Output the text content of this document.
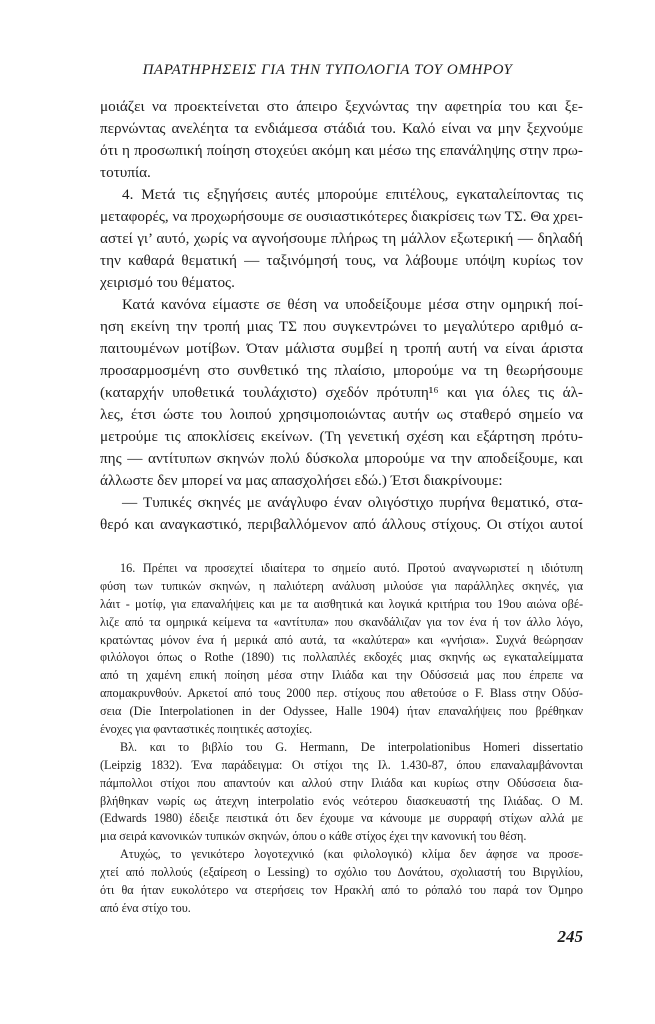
ΠΑΡΑΤΗΡΗΣΕΙΣ ΓΙΑ ΤΗΝ ΤΥΠΟΛΟΓΙΑ ΤΟΥ ΟΜΗΡΟΥ
μοιάζει να προεκτείνεται στο άπειρο ξεχνώντας την αφετηρία του και ξε-
περνώντας ανελέητα τα ενδιάμεσα στάδιά του. Καλό είναι να μην ξεχνούμε
ότι η προσωπική ποίηση στοχεύει ακόμη και μέσω της επανάληψης στην πρω-
τοτυπία.
4. Μετά τις εξηγήσεις αυτές μπορούμε επιτέλους, εγκαταλείποντας τις
μεταφορές, να προχωρήσουμε σε ουσιαστικότερες διακρίσεις των ΤΣ. Θα χρει-
αστεί γι’ αυτό, χωρίς να αγνοήσουμε πλήρως τη μάλλον εξωτερική — δηλαδή
την καθαρά θεματική — ταξινόμησή τους, να λάβουμε υπόψη κυρίως τον
χειρισμό του θέματος.
Κατά κανόνα είμαστε σε θέση να υποδείξουμε μέσα στην ομηρική ποί-
ηση εκείνη την τροπή μιας ΤΣ που συγκεντρώνει το μεγαλύτερο αριθμό α-
παιτουμένων μοτίβων. Όταν μάλιστα συμβεί η τροπή αυτή να είναι άριστα
προσαρμοσμένη στο συνθετικό της πλαίσιο, μπορούμε να τη θεωρήσουμε
(καταρχήν υποθετικά τουλάχιστο) σχεδόν πρότυπη¹⁶ και για όλες τις άλ-
λες, έτσι ώστε του λοιπού χρησιμοποιώντας αυτήν ως σταθερό σημείο να
μετρούμε τις αποκλίσεις εκείνων. (Τη γενετική σχέση και εξάρτηση πρότυ-
πης — αντίτυπων σκηνών πολύ δύσκολα μπορούμε να την αποδείξουμε, και
άλλωστε δεν μπορεί να μας απασχολήσει εδώ.) Έτσι διακρίνουμε:
— Τυπικές σκηνές με ανάγλυφο έναν ολιγόστιχο πυρήνα θεματικό, στα-
θερό και αναγκαστικό, περιβαλλόμενον από άλλους στίχους. Οι στίχοι αυτοί
16. Πρέπει να προσεχτεί ιδιαίτερα το σημείο αυτό. Προτού αναγνωριστεί η ιδιότυπη
φύση των τυπικών σκηνών, η παλιότερη ανάλυση μιλούσε για παράλληλες σκηνές, για
λάιτ - μοτίφ, για επαναλήψεις και με τα αισθητικά και λογικά κριτήρια του 19ου αιώνα οβέ-
λιζε από τα ομηρικά κείμενα τα «αντίτυπα» που σκανδάλιζαν για τον ένα ή τον άλλο λόγο,
κρατώντας μόνον ένα ή μερικά από αυτά, τα «καλύτερα» και «γνήσια». Συχνά θεώρησαν
φιλόλογοι όπως ο Rothe (1890) τις πολλαπλές εκδοχές μιας σκηνής ως εγκαταλείμματα
από τη χαμένη επική ποίηση μέσα στην Ιλιάδα και την Οδύσσειά μας που έπρεπε να
απομακρυνθούν. Αρκετοί από τους 2000 περ. στίχους που αθετούσε ο F. Blass στην Οδύσ-
σεια (Die Interpolationen in der Odyssee, Halle 1904) ήταν επαναλήψεις που βρέθηκαν
ένοχες για φανταστικές ποιητικές αστοχίες.
Βλ. και το βιβλίο του G. Hermann, De interpolationibus Homeri dissertatio
(Leipzig 1832). Ένα παράδειγμα: Οι στίχοι της Ιλ. 1.430-87, όπου επαναλαμβάνονται
πάμπολλοι στίχοι που απαντούν και αλλού στην Ιλιάδα και κυρίως στην Οδύσσεια δια-
βλήθηκαν νωρίς ως άτεχνη interpolatio ενός νεότερου διασκευαστή της Ιλιάδας. Ο Μ.
(Edwards 1980) έδειξε πειστικά ότι δεν έχουμε να κάνουμε με συρραφή στίχων αλλά με
μια σειρά κανονικών τυπικών σκηνών, όπου ο κάθε στίχος έχει την κανονική του θέση.
Ατυχώς, το γενικότερο λογοτεχνικό (και φιλολογικό) κλίμα δεν άφησε να προσε-
χτεί από πολλούς (εξαίρεση ο Lessing) το σχόλιο του Δονάτου, σχολιαστή του Βιργιλίου,
ότι θα ήταν ευκολότερο να στερήσεις τον Ηρακλή από το ρόπαλό του παρά τον Όμηρο
από ένα στίχο του.
245
